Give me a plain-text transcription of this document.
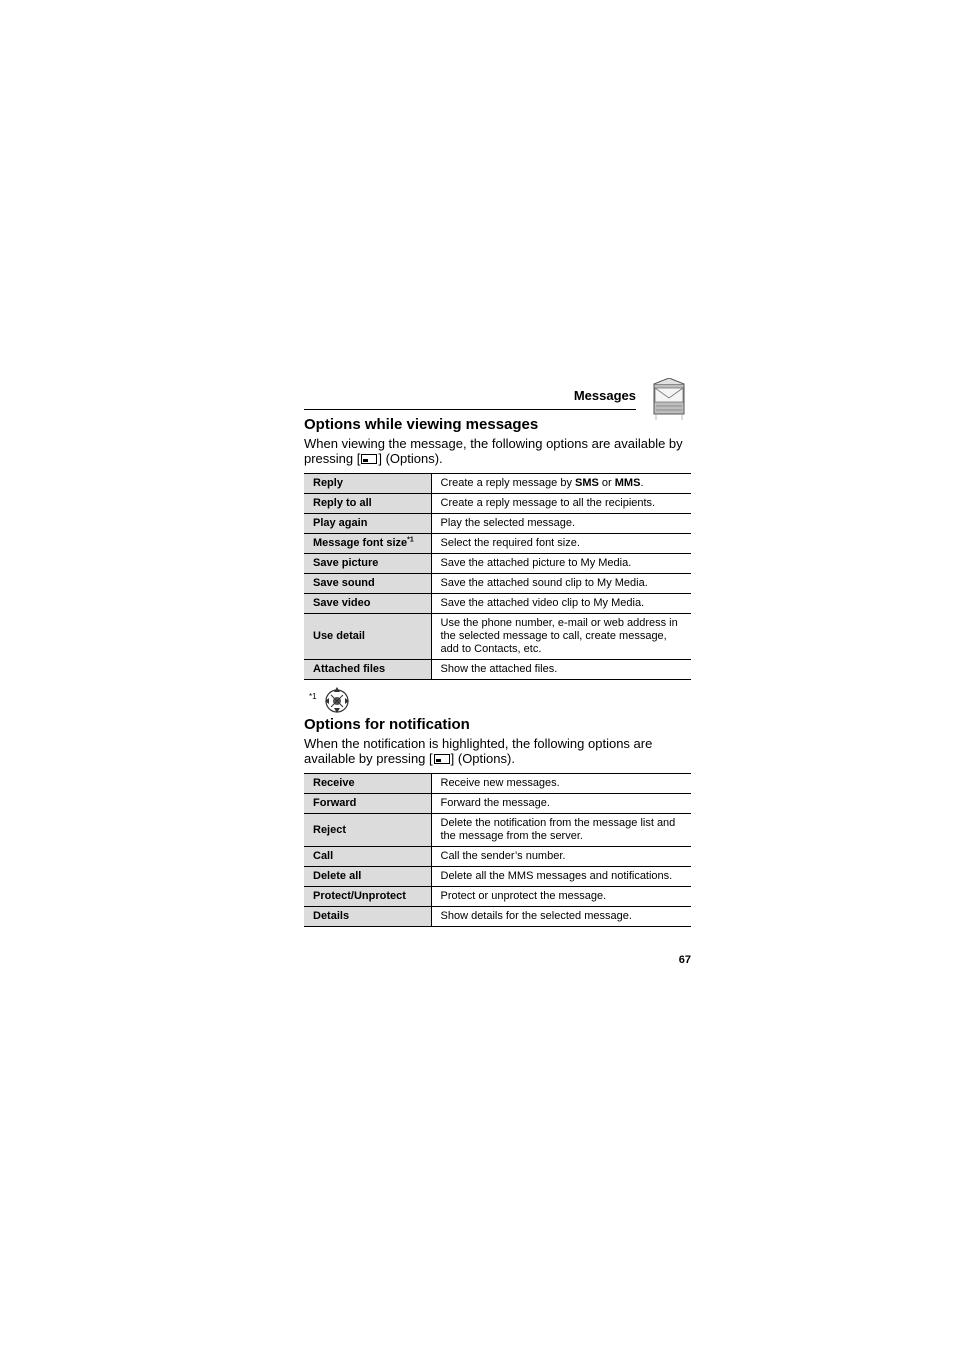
Messages
Options while viewing messages
When viewing the message, the following options are available by pressing [ ] (Options).
Reply	Create a reply message by SMS or MMS.
Reply to all	Create a reply message to all the recipients.
Play again	Play the selected message.
Message font size$^{*1}$	Select the required font size.
Save picture	Save the attached picture to My Media.
Save sound	Save the attached sound clip to My Media.
Save video	Save the attached video clip to My Media.
Use detail	Use the phone number, e-mail or web address in the selected message to call, create message, add to Contacts, etc.
Attached files	Show the attached files.
*1
Options for notification
When the notification is highlighted, the following options are available by pressing [ ] (Options).
Receive	Receive new messages.
Forward	Forward the message.
Reject	Delete the notification from the message list and the message from the server.
Call	Call the sender’s number.
Delete all	Delete all the MMS messages and notifications.
Protect/Unprotect	Protect or unprotect the message.
Details	Show details for the selected message.
67
